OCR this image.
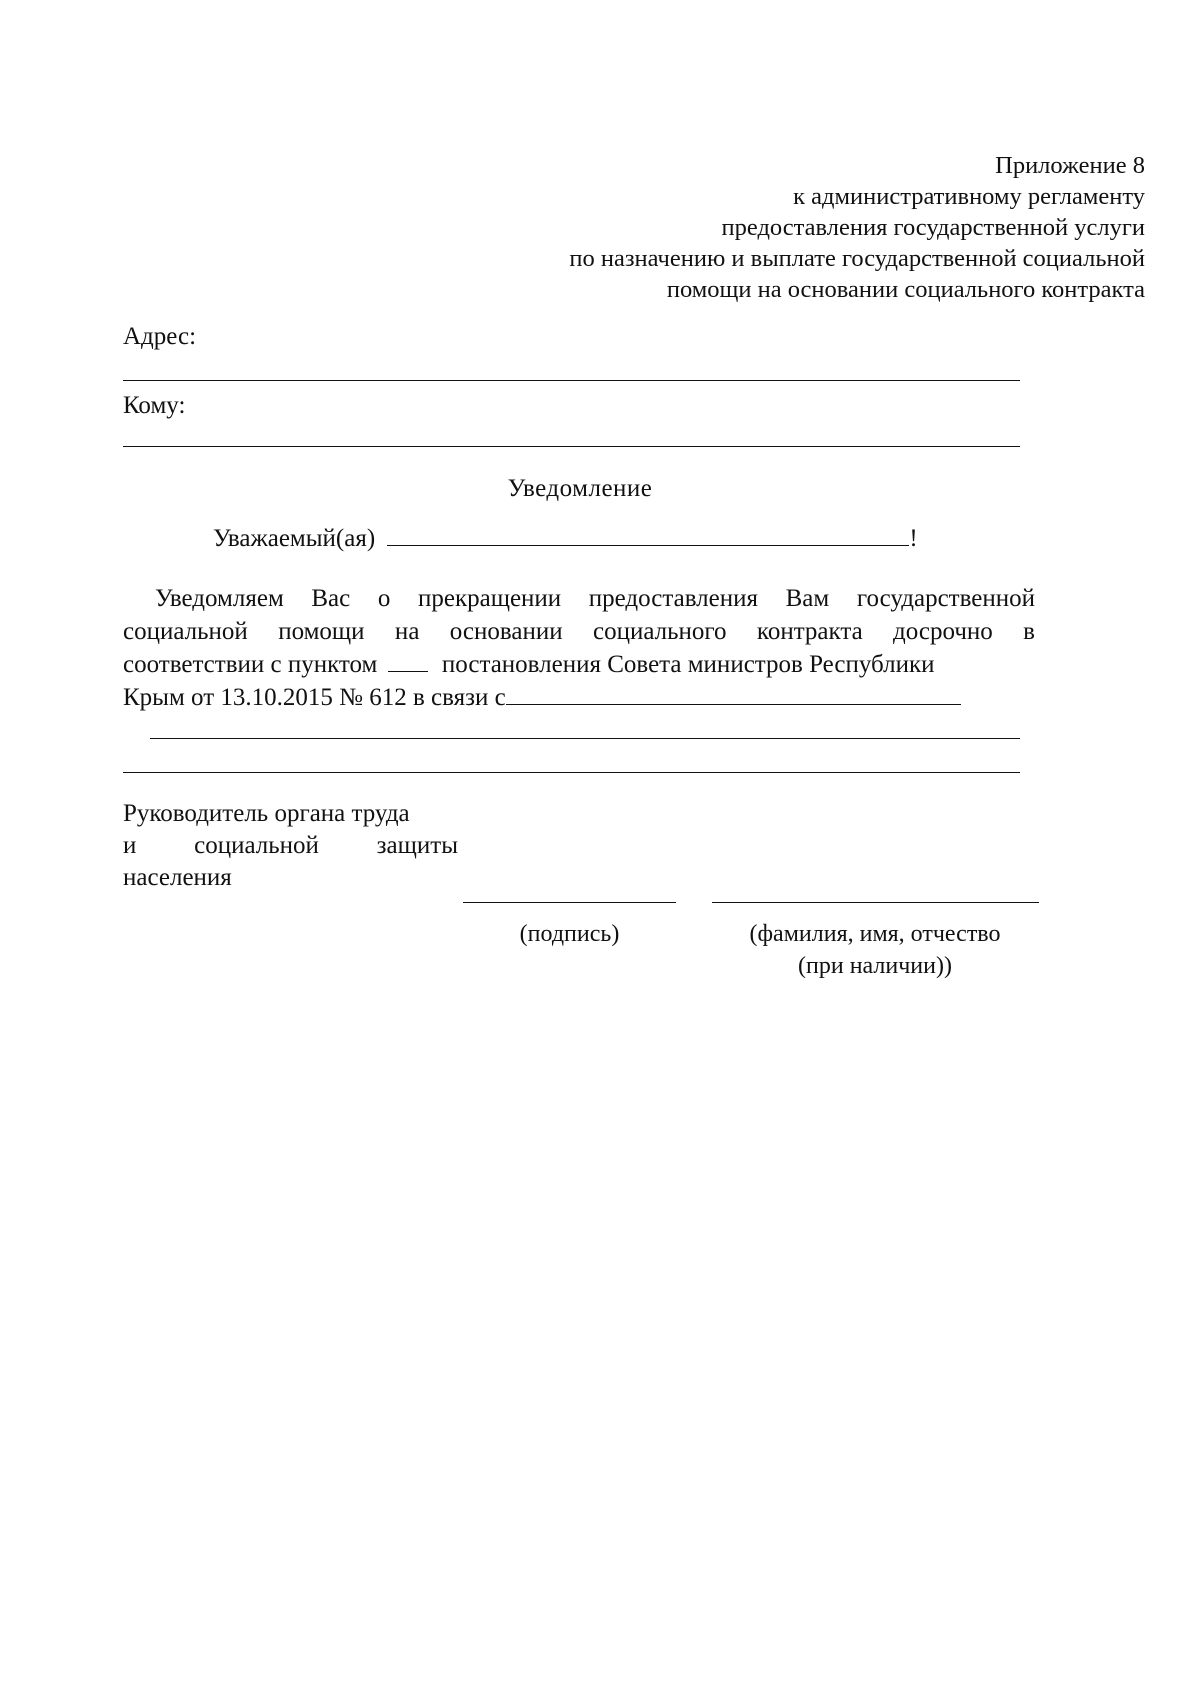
Приложение 8
к административному регламенту
предоставления государственной услуги
по назначению и выплате государственной социальной
помощи на основании социального контракта
Адрес:
Кому:
Уведомление
Уважаемый(ая)	!
Уведомляем Вас о прекращении предоставления Вам государственной
социальной помощи на основании социального контракта досрочно в
соответствии с пунктом	постановления Совета министров Республики
Крым от 13.10.2015 № 612 в связи с
Руководитель органа труда
и социальной защиты
населения
(подпись)	(фамилия, имя, отчество
(при наличии))
